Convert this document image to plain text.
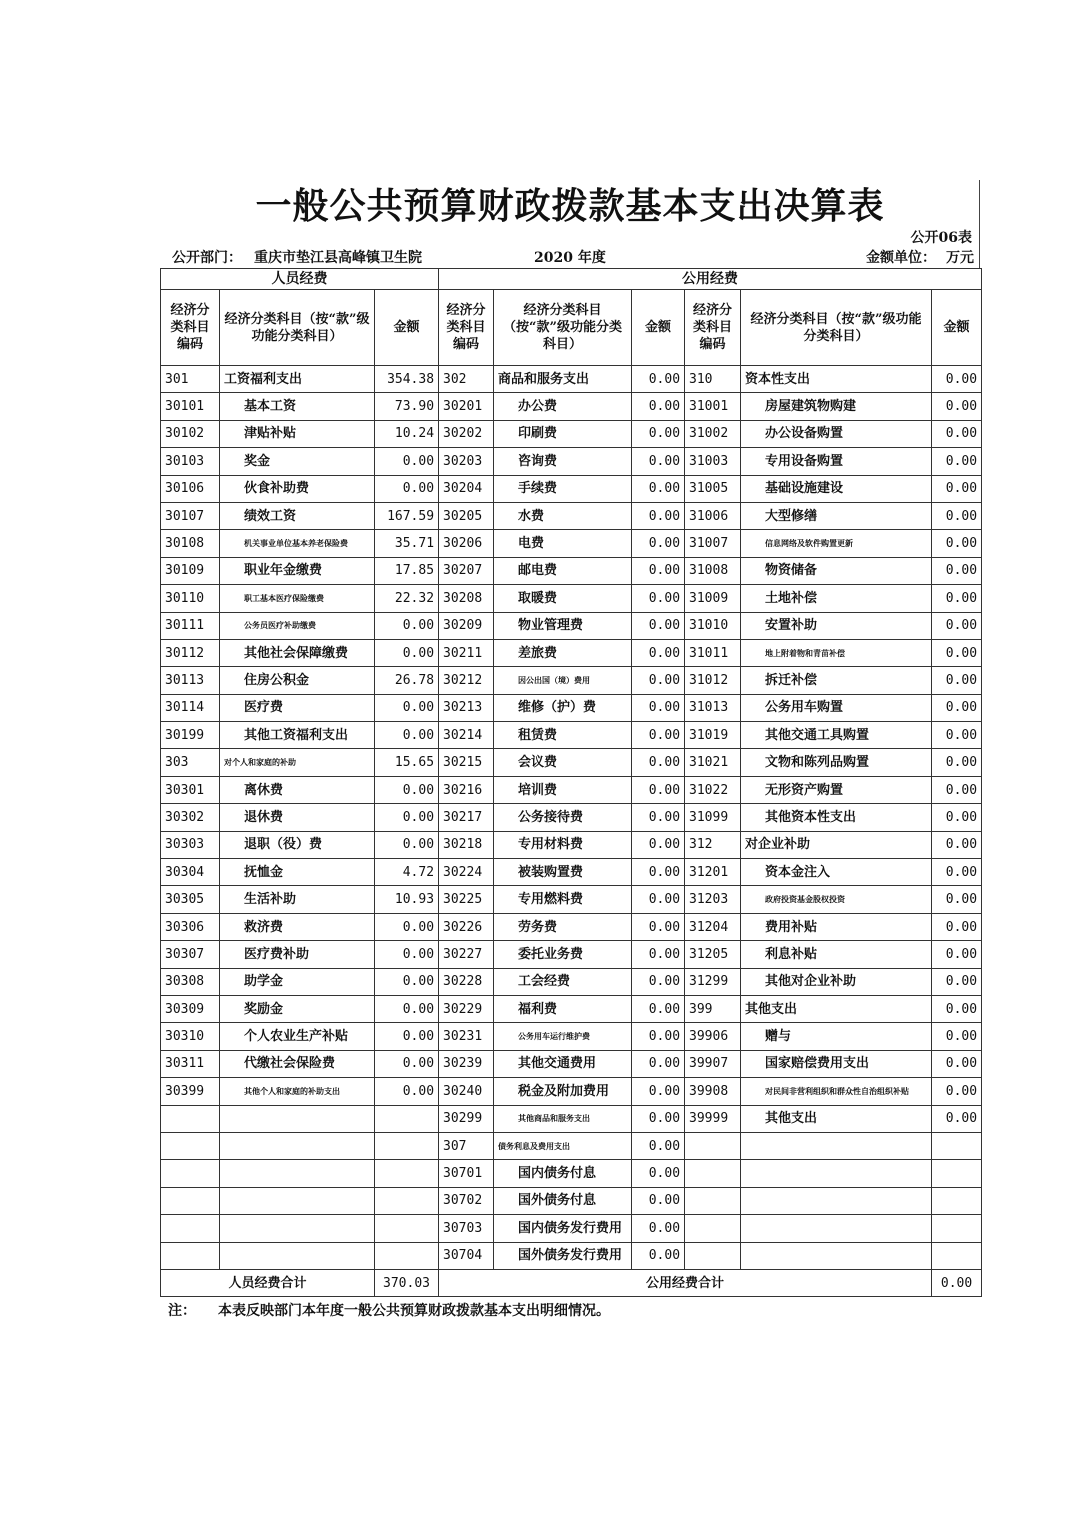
一般公共预算财政拨款基本支出决算表
公开06表
公开部门： 重庆市垫江县高峰镇卫生院	2020 年度	金额单位： 万元
人员经费			公用经费					
经济分类科目编码	经济分类科目（按“款”级功能分类科目）	金额	经济分类科目编码	经济分类科目（按“款”级功能分类科目）	金额	经济分类科目编码	经济分类科目（按“款”级功能分类科目）	金额
301	工资福利支出	354.38	302	商品和服务支出	0.00	310	资本性支出	0.00
30101	基本工资	73.90	30201	办公费	0.00	31001	房屋建筑物购建	0.00
30102	津贴补贴	10.24	30202	印刷费	0.00	31002	办公设备购置	0.00
30103	奖金	0.00	30203	咨询费	0.00	31003	专用设备购置	0.00
30106	伙食补助费	0.00	30204	手续费	0.00	31005	基础设施建设	0.00
30107	绩效工资	167.59	30205	水费	0.00	31006	大型修缮	0.00
30108	机关事业单位基本养老保险费	35.71	30206	电费	0.00	31007	信息网络及软件购置更新	0.00
30109	职业年金缴费	17.85	30207	邮电费	0.00	31008	物资储备	0.00
30110	职工基本医疗保险缴费	22.32	30208	取暖费	0.00	31009	土地补偿	0.00
30111	公务员医疗补助缴费	0.00	30209	物业管理费	0.00	31010	安置补助	0.00
30112	其他社会保障缴费	0.00	30211	差旅费	0.00	31011	地上附着物和青苗补偿	0.00
30113	住房公积金	26.78	30212	因公出国（境）费用	0.00	31012	拆迁补偿	0.00
30114	医疗费	0.00	30213	维修（护）费	0.00	31013	公务用车购置	0.00
30199	其他工资福利支出	0.00	30214	租赁费	0.00	31019	其他交通工具购置	0.00
303	对个人和家庭的补助	15.65	30215	会议费	0.00	31021	文物和陈列品购置	0.00
30301	离休费	0.00	30216	培训费	0.00	31022	无形资产购置	0.00
30302	退休费	0.00	30217	公务接待费	0.00	31099	其他资本性支出	0.00
30303	退职（役）费	0.00	30218	专用材料费	0.00	312	对企业补助	0.00
30304	抚恤金	4.72	30224	被装购置费	0.00	31201	资本金注入	0.00
30305	生活补助	10.93	30225	专用燃料费	0.00	31203	政府投资基金股权投资	0.00
30306	救济费	0.00	30226	劳务费	0.00	31204	费用补贴	0.00
30307	医疗费补助	0.00	30227	委托业务费	0.00	31205	利息补贴	0.00
30308	助学金	0.00	30228	工会经费	0.00	31299	其他对企业补助	0.00
30309	奖励金	0.00	30229	福利费	0.00	399	其他支出	0.00
30310	个人农业生产补贴	0.00	30231	公务用车运行维护费	0.00	39906	赠与	0.00
30311	代缴社会保险费	0.00	30239	其他交通费用	0.00	39907	国家赔偿费用支出	0.00
30399	其他个人和家庭的补助支出	0.00	30240	税金及附加费用	0.00	39908	对民间非营利组织和群众性自治组织补贴	0.00
			30299	其他商品和服务支出	0.00	39999	其他支出	0.00
			307	债务利息及费用支出	0.00			
			30701	国内债务付息	0.00			
			30702	国外债务付息	0.00			
			30703	国内债务发行费用	0.00			
			30704	国外债务发行费用	0.00			
人员经费合计		370.03	公用经费合计					0.00
注： 本表反映部门本年度一般公共预算财政拨款基本支出明细情况。
